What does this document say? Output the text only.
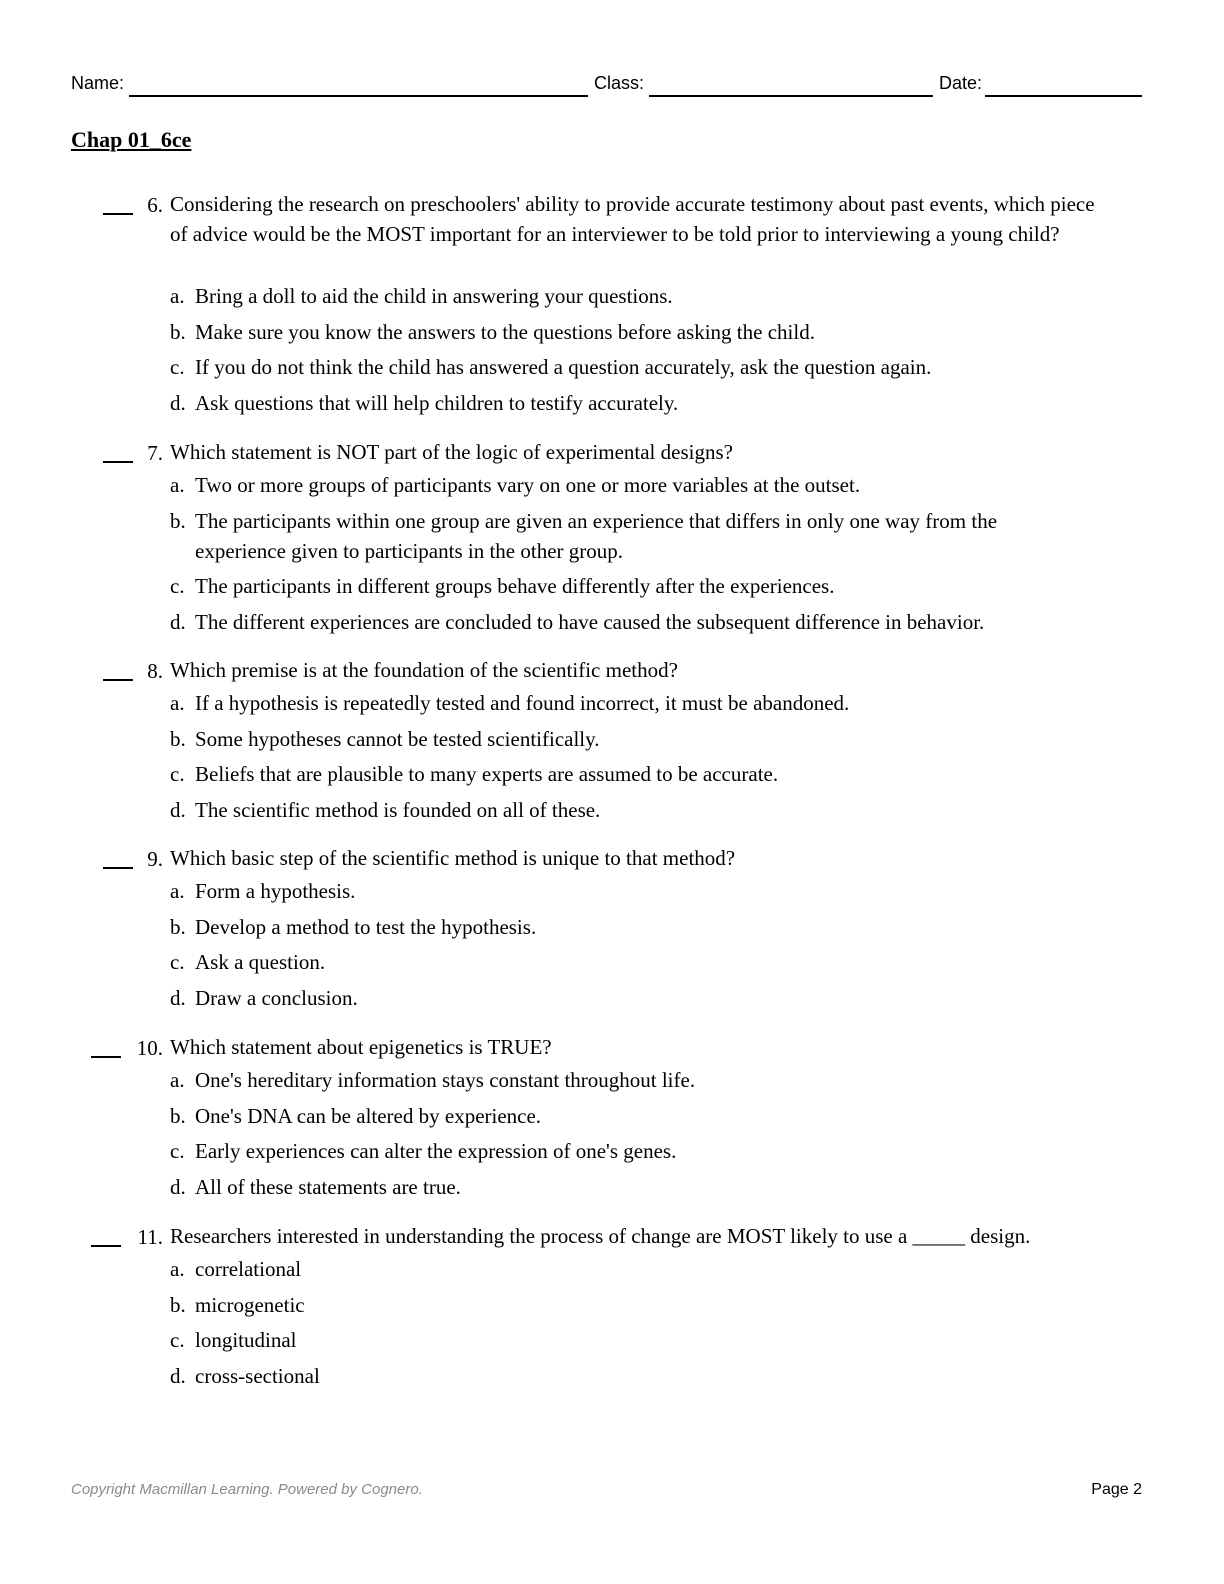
Name:	Class:	Date:
Chap 01_6ce
6. Considering the research on preschoolers' ability to provide accurate testimony about past events, which piece of advice would be the MOST important for an interviewer to be told prior to interviewing a young child?

a. Bring a doll to aid the child in answering your questions.
b. Make sure you know the answers to the questions before asking the child.
c. If you do not think the child has answered a question accurately, ask the question again.
d. Ask questions that will help children to testify accurately.
7. Which statement is NOT part of the logic of experimental designs?

a. Two or more groups of participants vary on one or more variables at the outset.
b. The participants within one group are given an experience that differs in only one way from the experience given to participants in the other group.
c. The participants in different groups behave differently after the experiences.
d. The different experiences are concluded to have caused the subsequent difference in behavior.
8. Which premise is at the foundation of the scientific method?

a. If a hypothesis is repeatedly tested and found incorrect, it must be abandoned.
b. Some hypotheses cannot be tested scientifically.
c. Beliefs that are plausible to many experts are assumed to be accurate.
d. The scientific method is founded on all of these.
9. Which basic step of the scientific method is unique to that method?

a. Form a hypothesis.
b. Develop a method to test the hypothesis.
c. Ask a question.
d. Draw a conclusion.
10. Which statement about epigenetics is TRUE?

a. One's hereditary information stays constant throughout life.
b. One's DNA can be altered by experience.
c. Early experiences can alter the expression of one's genes.
d. All of these statements are true.
11. Researchers interested in understanding the process of change are MOST likely to use a _____ design.

a. correlational
b. microgenetic
c. longitudinal
d. cross-sectional
Copyright Macmillan Learning. Powered by Cognero.	Page 2
